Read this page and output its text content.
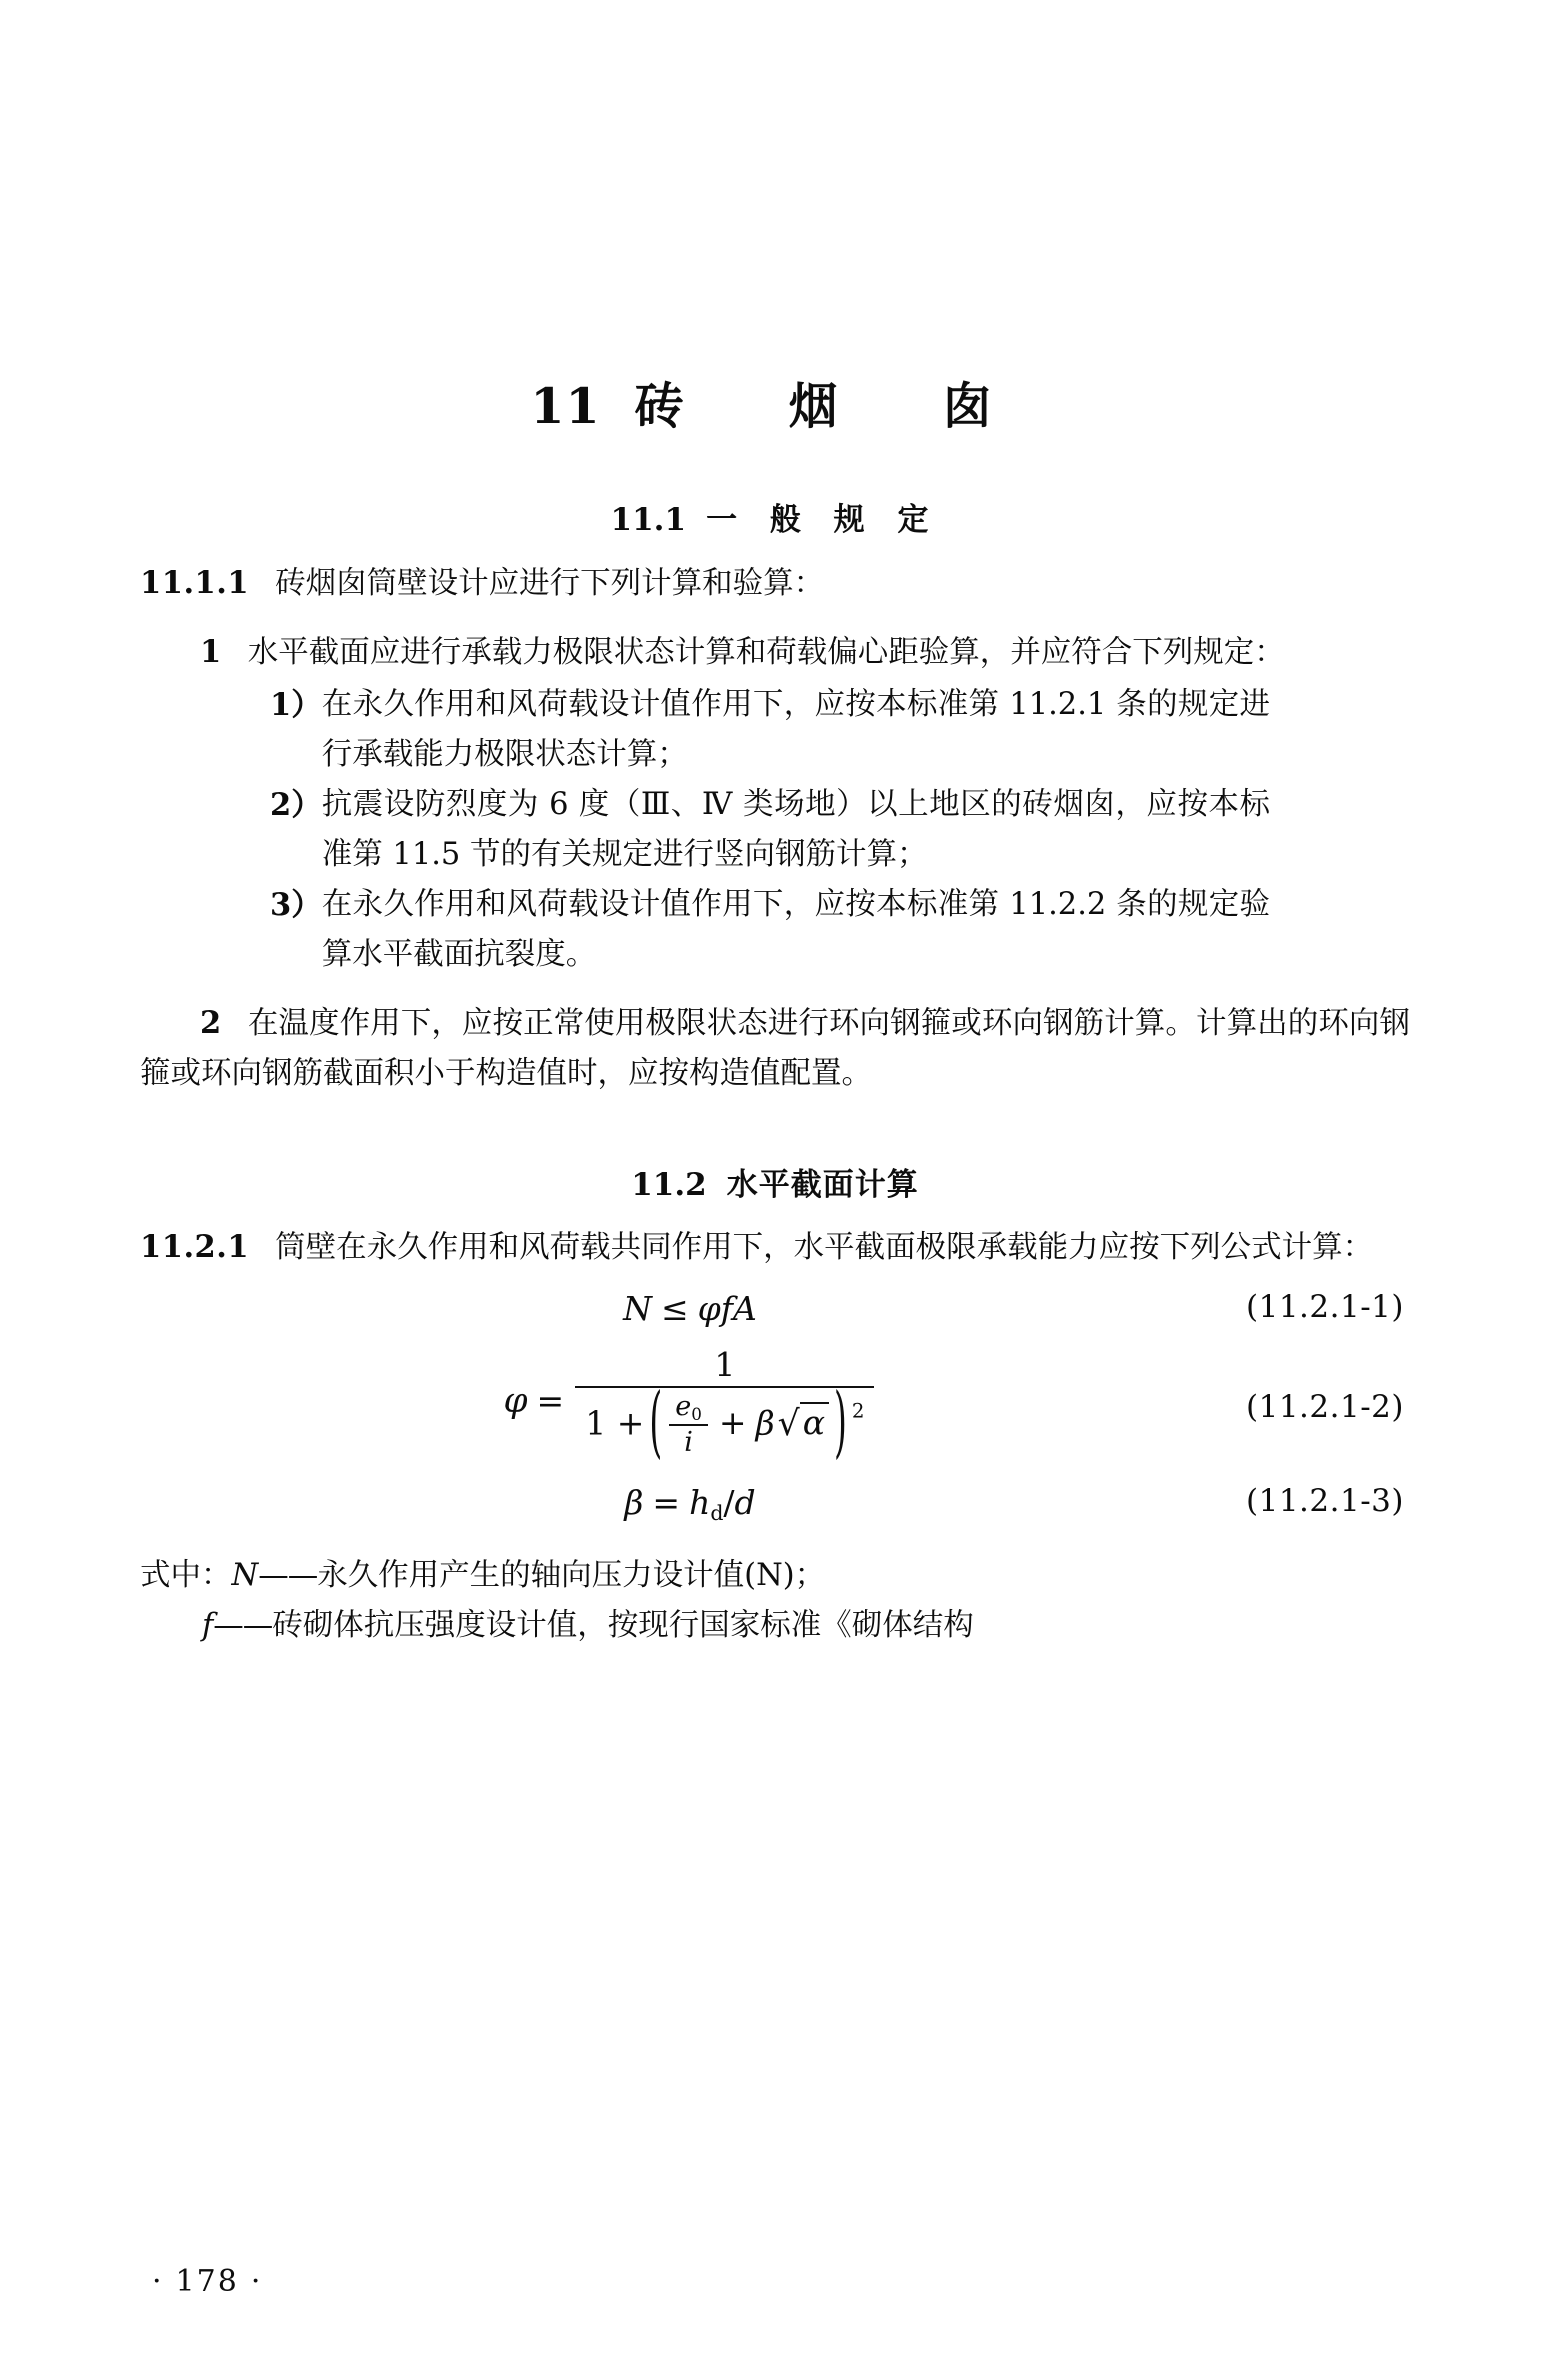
11 砖　烟　囱
11.1 一 般 规 定

11.1.1 砖烟囱筒壁设计应进行下列计算和验算：

1 水平截面应进行承载力极限状态计算和荷载偏心距验算，并应符合下列规定：

1） 在永久作用和风荷载设计值作用下，应按本标准第 11.2.1 条的规定进行承载能力极限状态计算；
2） 抗震设防烈度为 6 度（Ⅲ、Ⅳ 类场地）以上地区的砖烟囱，应按本标准第 11.5 节的有关规定进行竖向钢筋计算；
3） 在永久作用和风荷载设计值作用下，应按本标准第 11.2.2 条的规定验算水平截面抗裂度。

2 在温度作用下，应按正常使用极限状态进行环向钢箍或环向钢筋计算。计算出的环向钢箍或环向钢筋截面积小于构造值时，应按构造值配置。

11.2 水平截面计算

11.2.1 筒壁在永久作用和风荷载共同作用下，水平截面极限承载能力应按下列公式计算：

N ≤ φfA	(11.2.1-1)
$\varphi = \frac{1}{1 + ( \frac{e_0}{i} + \beta√\alpha ) ^2}$	(11.2.1-2)
$\beta = h_d/d$	(11.2.1-3)
式中：N—— 永久作用产生的轴向压力设计值(N)；
f—— 砖砌体抗压强度设计值，按现行国家标准《砌体结构
· 178 ·
